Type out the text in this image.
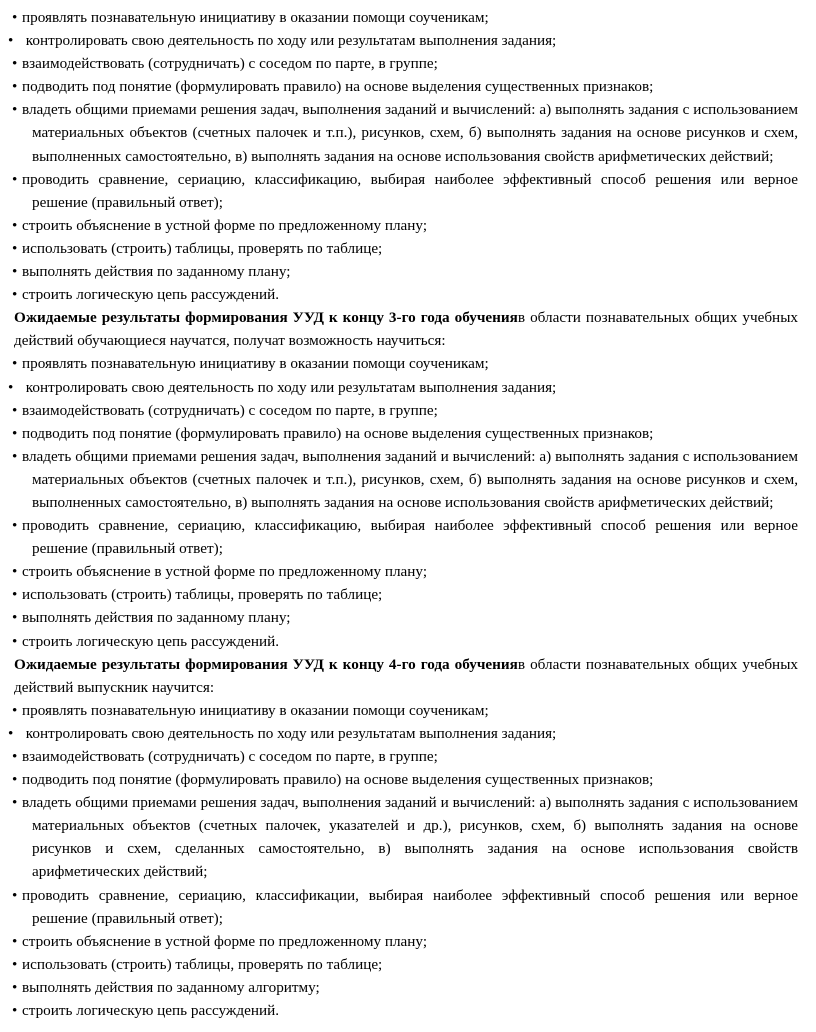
• проявлять познавательную инициативу в оказании помощи соученикам;

• контролировать свою деятельность по ходу или результатам выполнения задания;

• взаимодействовать (сотрудничать) с соседом по парте, в группе;

• подводить под понятие (формулировать правило) на основе выделения существенных признаков;

• владеть общими приемами решения задач, выполнения заданий и вычислений: а) выполнять задания с использованием материальных объектов (счетных палочек и т.п.), рисунков, схем, б) выполнять задания на основе рисунков и схем, выполненных самостоятельно, в) выполнять задания на основе использования свойств арифметических действий;

• проводить сравнение, сериацию, классификацию, выбирая наиболее эффективный способ решения или верное решение (правильный ответ);

• строить объяснение в устной форме по предложенному плану;

• использовать (строить) таблицы, проверять по таблице;

• выполнять действия по заданному плану;

• строить логическую цепь рассуждений.

Ожидаемые результаты формирования УУД к концу 3-го года обученияв области познавательных общих учебных действий обучающиеся научатся, получат возможность научиться:

• проявлять познавательную инициативу в оказании помощи соученикам;

• контролировать свою деятельность по ходу или результатам выполнения задания;

• взаимодействовать (сотрудничать) с соседом по парте, в группе;

• подводить под понятие (формулировать правило) на основе выделения существенных признаков;

• владеть общими приемами решения задач, выполнения заданий и вычислений: а) выполнять задания с использованием материальных объектов (счетных палочек и т.п.), рисунков, схем, б) выполнять задания на основе рисунков и схем, выполненных самостоятельно, в) выполнять задания на основе использования свойств арифметических действий;

• проводить сравнение, сериацию, классификацию, выбирая наиболее эффективный способ решения или верное решение (правильный ответ);

• строить объяснение в устной форме по предложенному плану;

• использовать (строить) таблицы, проверять по таблице;

• выполнять действия по заданному плану;

• строить логическую цепь рассуждений.

Ожидаемые результаты формирования УУД к концу 4-го года обученияв области познавательных общих учебных действий выпускник научится:

• проявлять познавательную инициативу в оказании помощи соученикам;

• контролировать свою деятельность по ходу или результатам выполнения задания;

• взаимодействовать (сотрудничать) с соседом по парте, в группе;

• подводить под понятие (формулировать правило) на основе выделения существенных признаков;

• владеть общими приемами решения задач, выполнения заданий и вычислений: а) выполнять задания с использованием материальных объектов (счетных палочек, указателей и др.), рисунков, схем, б) выполнять задания на основе рисунков и схем, сделанных самостоятельно, в) выполнять задания на основе использования свойств арифметических действий;

• проводить сравнение, сериацию, классификации, выбирая наиболее эффективный способ решения или верное решение (правильный ответ);

• строить объяснение в устной форме по предложенному плану;

• использовать (строить) таблицы, проверять по таблице;

• выполнять действия по заданному алгоритму;

• строить логическую цепь рассуждений.
